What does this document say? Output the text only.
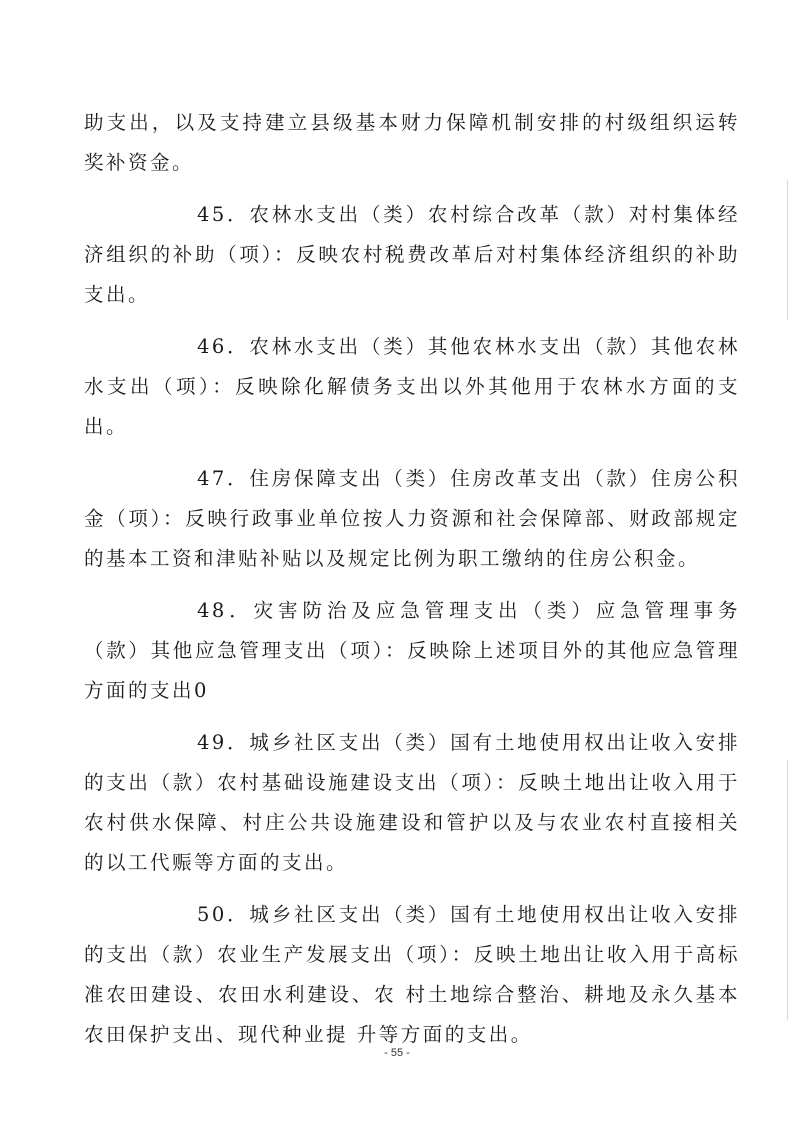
助支出，以及支持建立县级基本财力保障机制安排的村级组织运转奖补资金。

45．农林水支出（类）农村综合改革（款）对村集体经济组织的补助（项）：反映农村税费改革后对村集体经济组织的补助支出。

46．农林水支出（类）其他农林水支出（款）其他农林水支出（项）：反映除化解债务支出以外其他用于农林水方面的支出。

47．住房保障支出（类）住房改革支出（款）住房公积金（项）：反映行政事业单位按人力资源和社会保障部、财政部规定的基本工资和津贴补贴以及规定比例为职工缴纳的住房公积金。

48．灾害防治及应急管理支出（类）应急管理事务（款）其他应急管理支出（项）：反映除上述项目外的其他应急管理方面的支出0

49．城乡社区支出（类）国有土地使用权出让收入安排的支出（款）农村基础设施建设支出（项）：反映土地出让收入用于农村供水保障、村庄公共设施建设和管护以及与农业农村直接相关的以工代赈等方面的支出。

50．城乡社区支出（类）国有土地使用权出让收入安排的支出（款）农业生产发展支出（项）：反映土地出让收入用于高标准农田建设、农田水利建设、农 村土地综合整治、耕地及永久基本农田保护支出、现代种业提 升等方面的支出。

- 55 -
